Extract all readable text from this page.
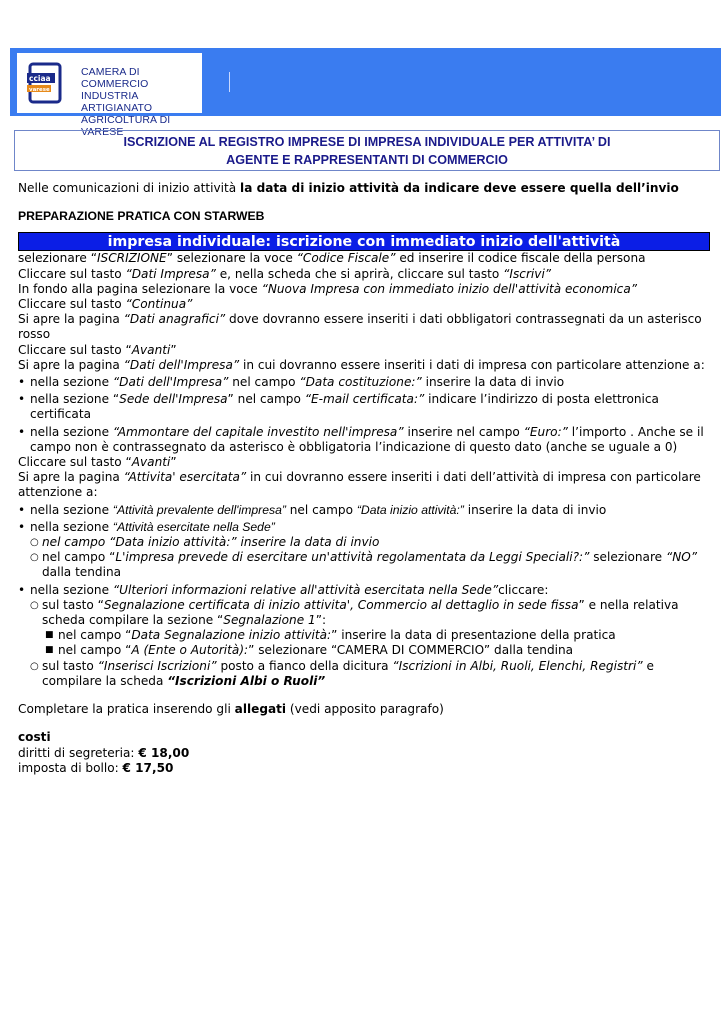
cciaa
varese
CAMERA DI COMMERCIO
INDUSTRIA ARTIGIANATO
AGRICOLTURA DI VARESE
ISCRIZIONE AL REGISTRO IMPRESE DI IMPRESA INDIVIDUALE PER ATTIVITA’ DI
AGENTE E RAPPRESENTANTI DI COMMERCIO

Nelle comunicazioni di inizio attività la data di inizio attività da indicare deve essere quella dell’invio

PREPARAZIONE PRATICA CON STARWEB

impresa individuale: iscrizione con immediato inizio dell'attività

selezionare “ISCRIZIONE” selezionare la voce “Codice Fiscale” ed inserire il codice fiscale della persona

Cliccare sul tasto “Dati Impresa” e, nella scheda che si aprirà, cliccare sul tasto “Iscrivi”

In fondo alla pagina selezionare la voce “Nuova Impresa con immediato inizio dell'attività economica”

Cliccare sul tasto “Continua”

Si apre la pagina “Dati anagrafici” dove dovranno essere inseriti i dati obbligatori contrassegnati da un asterisco rosso

Cliccare sul tasto “Avanti”

Si apre la pagina “Dati dell'Impresa” in cui dovranno essere inseriti i dati di impresa con particolare attenzione a:

• nella sezione “Dati dell'Impresa” nel campo “Data costituzione:” inserire la data di invio
• nella sezione “Sede dell'Impresa” nel campo “E-mail certificata:” indicare l’indirizzo di posta elettronica certificata
• nella sezione “Ammontare del capitale investito nell'impresa” inserire nel campo “Euro:” l’importo . Anche se il campo non è contrassegnato da asterisco è obbligatoria l’indicazione di questo dato (anche se uguale a 0)

Cliccare sul tasto “Avanti”

Si apre la pagina “Attivita' esercitata” in cui dovranno essere inseriti i dati dell’attività di impresa con particolare attenzione a:

• nella sezione “Attività prevalente dell'impresa” nel campo “Data inizio attività:” inserire la data di invio
• nella sezione “Attività esercitate nella Sede”
○ nel campo “Data inizio attività:” inserire la data di invio
○ nel campo “L'impresa prevede di esercitare un'attività regolamentata da Leggi Speciali?:” selezionare “NO” dalla tendina
• nella sezione “Ulteriori informazioni relative all'attività esercitata nella Sede”cliccare:
○ sul tasto “Segnalazione certificata di inizio attivita', Commercio al dettaglio in sede fissa” e nella relativa scheda compilare la sezione “Segnalazione 1”:
■ nel campo “Data Segnalazione inizio attività:” inserire la data di presentazione della pratica
■ nel campo “A (Ente o Autorità):” selezionare “CAMERA DI COMMERCIO” dalla tendina
○ sul tasto “Inserisci Iscrizioni” posto a fianco della dicitura “Iscrizioni in Albi, Ruoli, Elenchi, Registri” e compilare la scheda “Iscrizioni Albi o Ruoli”

Completare la pratica inserendo gli allegati (vedi apposito paragrafo)

costi

diritti di segreteria: € 18,00

imposta di bollo: € 17,50
